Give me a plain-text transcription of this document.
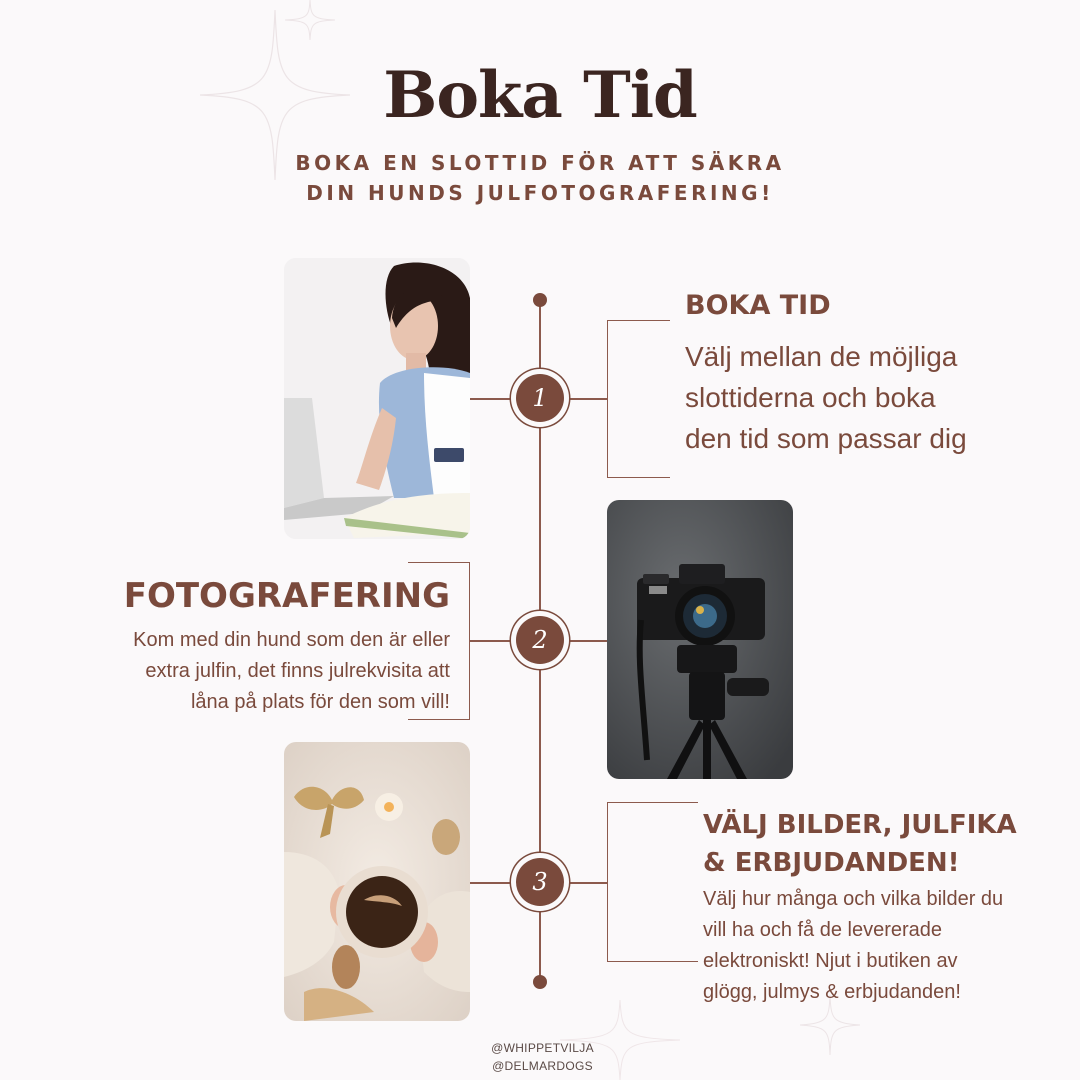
Boka Tid
BOKA EN SLOTTID FÖR ATT SÄKRA
DIN HUNDS JULFOTOGRAFERING!
1
2
3
BOKA TID
Välj mellan de möjliga
slottiderna och boka
den tid som passar dig
FOTOGRAFERING
Kom med din hund som den är eller
extra julfin, det finns julrekvisita att
låna på plats för den som vill!
VÄLJ BILDER, JULFIKA
& ERBJUDANDEN!
Välj hur många och vilka bilder du
vill ha och få de levererade
elektroniskt! Njut i butiken av
glögg, julmys & erbjudanden!
@WHIPPETVILJA
@DELMARDOGS
